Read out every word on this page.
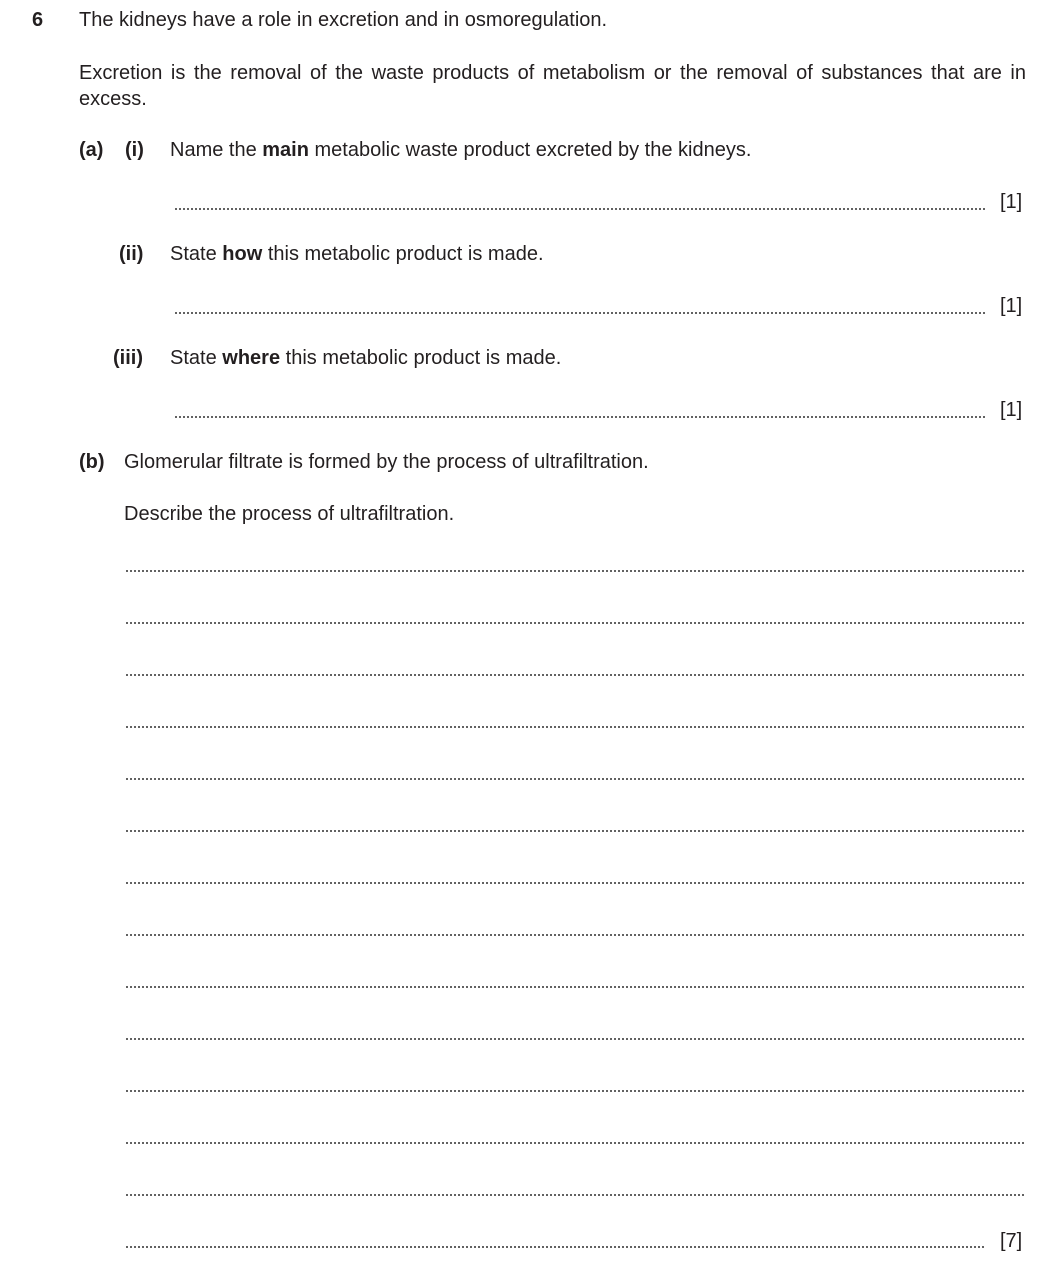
6 The kidneys have a role in excretion and in osmoregulation.
Excretion is the removal of the waste products of metabolism or the removal of substances that are in excess.
(a) (i) Name the main metabolic waste product excreted by the kidneys.
[1]
(ii) State how this metabolic product is made.
[1]
(iii) State where this metabolic product is made.
[1]
(b) Glomerular filtrate is formed by the process of ultrafiltration.
Describe the process of ultrafiltration.
[7]
